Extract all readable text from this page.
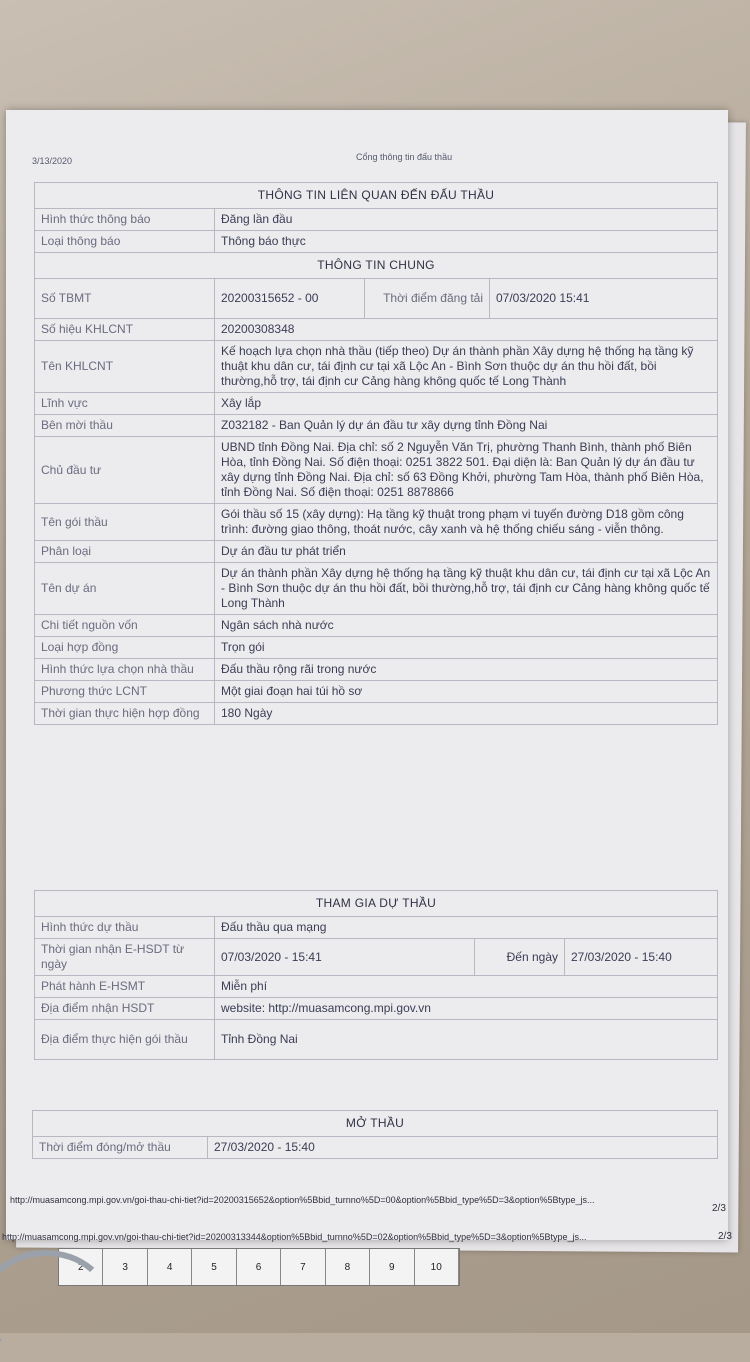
3/13/2020	Cổng thông tin đấu thầu
THÔNG TIN LIÊN QUAN ĐẾN ĐẤU THẦU			
Hình thức thông báo	Đăng lần đầu		
Loại thông báo	Thông báo thực		
THÔNG TIN CHUNG			
Số TBMT	20200315652 - 00	Thời điểm đăng tải	07/03/2020 15:41
Số hiệu KHLCNT	20200308348		
Tên KHLCNT	Kế hoạch lựa chọn nhà thầu (tiếp theo) Dự án thành phần Xây dựng hệ thống hạ tầng kỹ thuật khu dân cư, tái định cư tại xã Lộc An - Bình Sơn thuộc dự án thu hồi đất, bồi thường,hỗ trợ, tái định cư Cảng hàng không quốc tế Long Thành		
Lĩnh vực	Xây lắp		
Bên mời thầu	Z032182 - Ban Quản lý dự án đầu tư xây dựng tỉnh Đồng Nai		
Chủ đầu tư	UBND tỉnh Đồng Nai. Địa chỉ: số 2 Nguyễn Văn Trị, phường Thanh Bình, thành phố Biên Hòa, tỉnh Đồng Nai. Số điện thoại: 0251 3822 501. Đại diện là: Ban Quản lý dự án đầu tư xây dựng tỉnh Đồng Nai. Địa chỉ: số 63 Đồng Khởi, phường Tam Hòa, thành phố Biên Hòa, tỉnh Đồng Nai. Số điện thoại: 0251 8878866		
Tên gói thầu	Gói thầu số 15 (xây dựng): Hạ tầng kỹ thuật trong phạm vi tuyến đường D18 gồm công trình: đường giao thông, thoát nước, cây xanh và hệ thống chiếu sáng - viễn thông.		
Phân loại	Dự án đầu tư phát triển		
Tên dự án	Dự án thành phần Xây dựng hệ thống hạ tầng kỹ thuật khu dân cư, tái định cư tại xã Lộc An - Bình Sơn thuộc dự án thu hồi đất, bồi thường,hỗ trợ, tái định cư Cảng hàng không quốc tế Long Thành		
Chi tiết nguồn vốn	Ngân sách nhà nước		
Loại hợp đồng	Trọn gói		
Hình thức lựa chọn nhà thầu	Đấu thầu rộng rãi trong nước		
Phương thức LCNT	Một giai đoạn hai túi hồ sơ		
Thời gian thực hiện hợp đồng	180 Ngày		
THAM GIA DỰ THẦU			
Hình thức dự thầu	Đấu thầu qua mạng		
Thời gian nhận E-HSDT từ ngày	07/03/2020 - 15:41	Đến ngày	27/03/2020 - 15:40
Phát hành E-HSMT	Miễn phí		
Địa điểm nhận HSDT	website: http://muasamcong.mpi.gov.vn		
Địa điểm thực hiện gói thầu	Tỉnh Đồng Nai		
MỞ THẦU
Thời điểm đóng/mở thầu	27/03/2020 - 15:40
http://muasamcong.mpi.gov.vn/goi-thau-chi-tiet?id=20200315652&option%5Bbid_turnno%5D=00&option%5Bbid_type%5D=3&option%5Btype_js...
2/3
http://muasamcong.mpi.gov.vn/goi-thau-chi-tiet?id=20200313344&option%5Bbid_turnno%5D=02&option%5Bbid_type%5D=3&option%5Btype_js...	2/3
2	3	4	5	6	7	8	9	10
